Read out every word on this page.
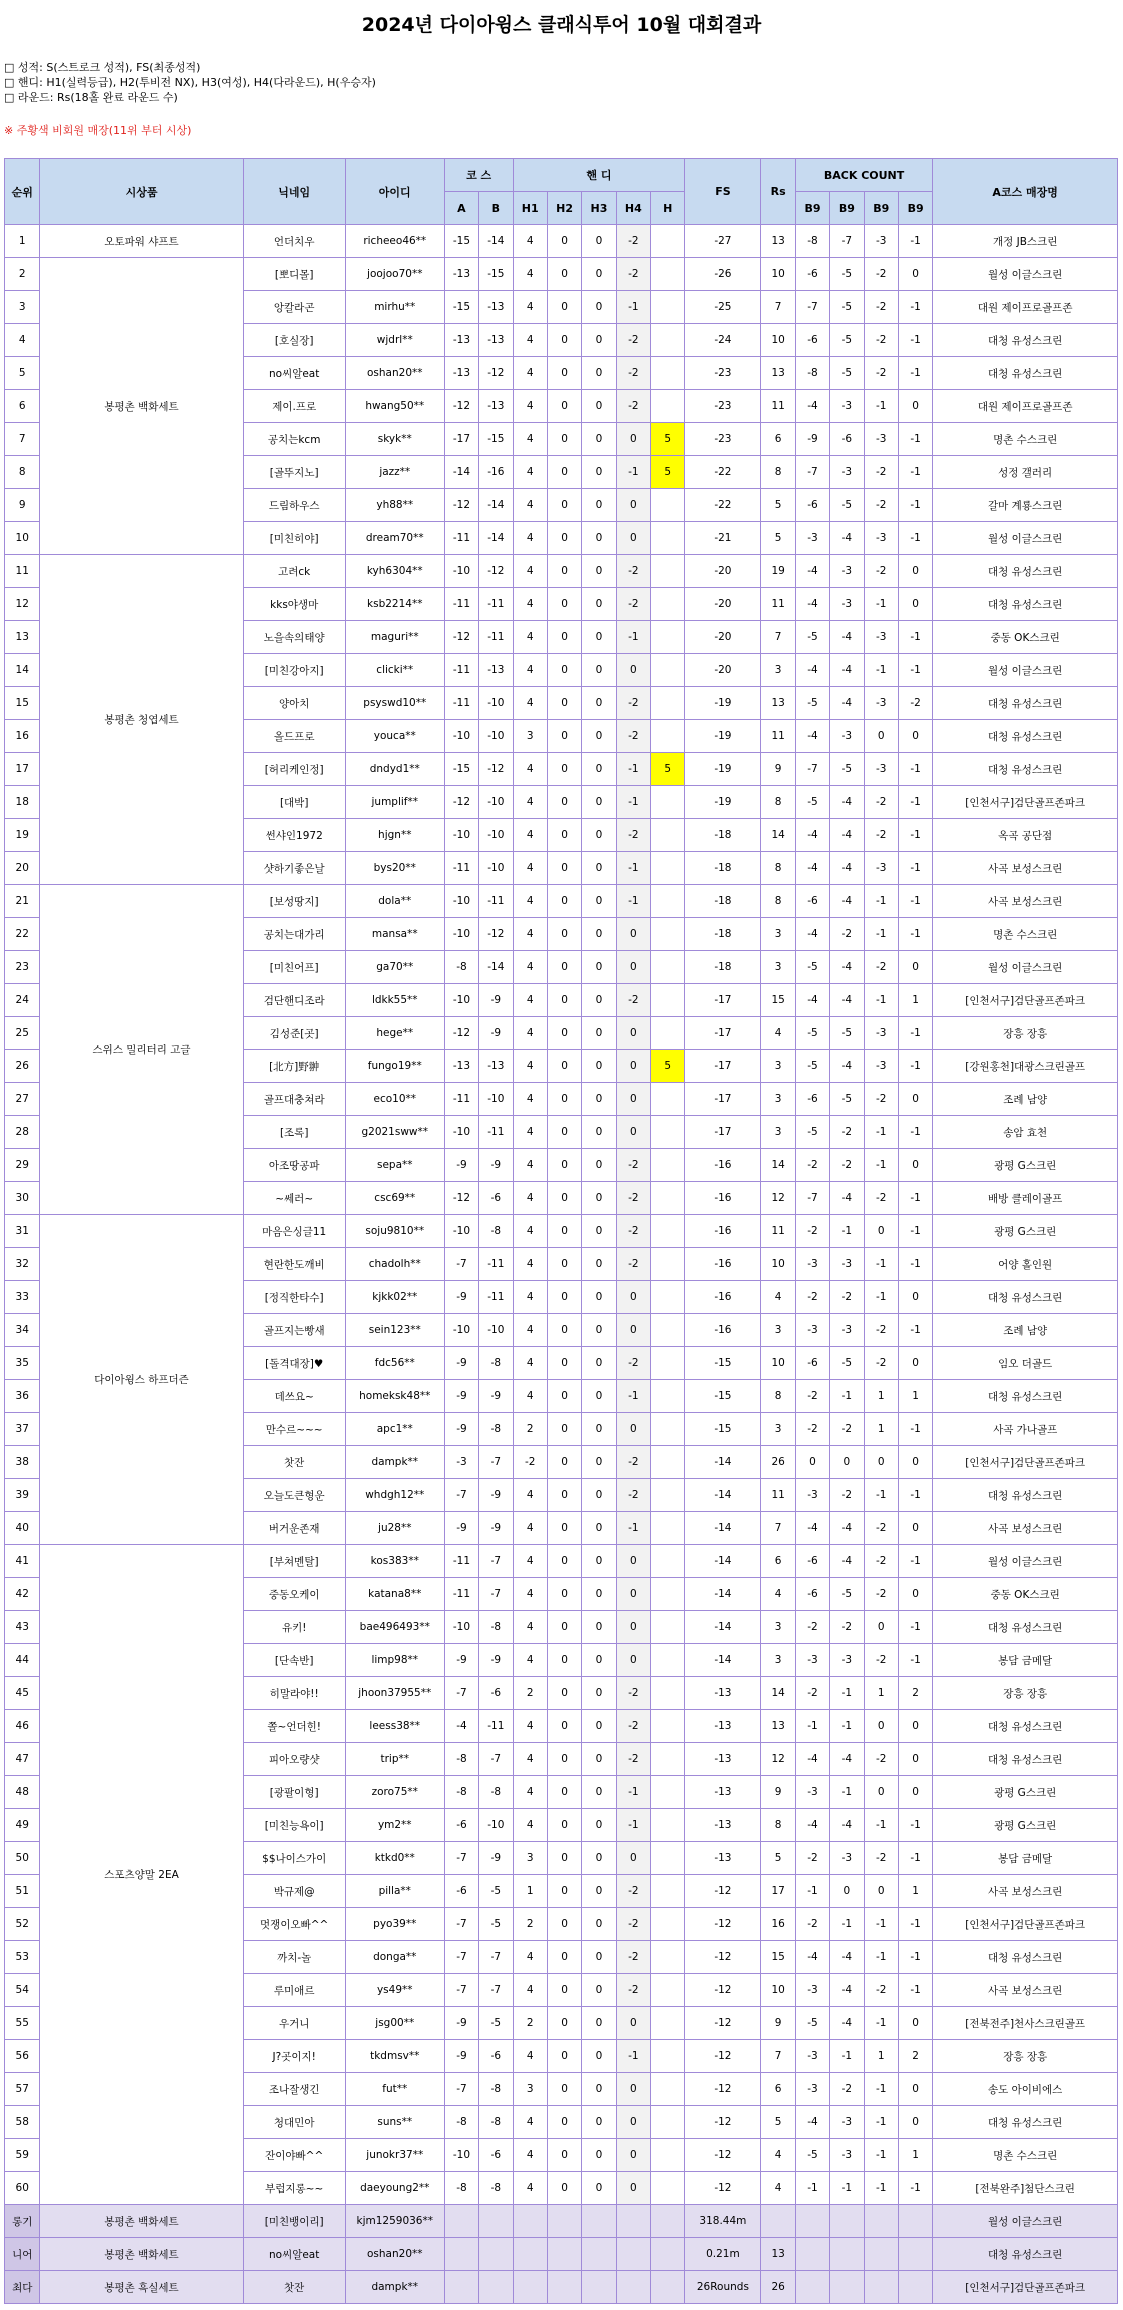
2024년 다이아윙스 클래식투어 10월 대회결과
□ 성적: S(스트로크 성적), FS(최종성적)
□ 핸디: H1(실력등급), H2(투비전 NX), H3(여성), H4(다라운드), H(우승자)
□ 라운드: Rs(18홀 완료 라운드 수)
※ 주황색 비회원 매장(11위 부터 시상)
순위	시상품	닉네임	아이디	코 스		핸 디					FS	Rs	BACK COUNT				A코스 매장명
				A	B	H1	H2	H3	H4	H			B9	B9	B9	B9	
1	오토파워 샤프트	언더치우	richeeo46**	-15	-14	4	0	0	-2		-27	13	-8	-7	-3	-1	개정 JB스크린
2	봉평촌 백화세트	[뽀디몰]	joojoo70**	-13	-15	4	0	0	-2		-26	10	-6	-5	-2	0	월성 이글스크린
3		앙칼라곤	mirhu**	-15	-13	4	0	0	-1		-25	7	-7	-5	-2	-1	대원 제이프로골프존
4		[호실장]	wjdrl**	-13	-13	4	0	0	-2		-24	10	-6	-5	-2	-1	대청 유성스크린
5		no씨알eat	oshan20**	-13	-12	4	0	0	-2		-23	13	-8	-5	-2	-1	대청 유성스크린
6		제이.프로	hwang50**	-12	-13	4	0	0	-2		-23	11	-4	-3	-1	0	대원 제이프로골프존
7		공치는kcm	skyk**	-17	-15	4	0	0	0	5	-23	6	-9	-6	-3	-1	명촌 수스크린
8		[골뚜지노]	jazz**	-14	-16	4	0	0	-1	5	-22	8	-7	-3	-2	-1	성정 갤러리
9		드림하우스	yh88**	-12	-14	4	0	0	0		-22	5	-6	-5	-2	-1	갈마 계룡스크린
10		[미친히야]	dream70**	-11	-14	4	0	0	0		-21	5	-3	-4	-3	-1	월성 이글스크린
11	봉평촌 청엽세트	고려ck	kyh6304**	-10	-12	4	0	0	-2		-20	19	-4	-3	-2	0	대청 유성스크린
12		kks야생마	ksb2214**	-11	-11	4	0	0	-2		-20	11	-4	-3	-1	0	대청 유성스크린
13		노을속의태양	maguri**	-12	-11	4	0	0	-1		-20	7	-5	-4	-3	-1	중동 OK스크린
14		[미친강아지]	clicki**	-11	-13	4	0	0	0		-20	3	-4	-4	-1	-1	월성 이글스크린
15		양아치	psyswd10**	-11	-10	4	0	0	-2		-19	13	-5	-4	-3	-2	대청 유성스크린
16		올드프로	youca**	-10	-10	3	0	0	-2		-19	11	-4	-3	0	0	대청 유성스크린
17		[허리케인정]	dndyd1**	-15	-12	4	0	0	-1	5	-19	9	-7	-5	-3	-1	대청 유성스크린
18		[대박]	jumplif**	-12	-10	4	0	0	-1		-19	8	-5	-4	-2	-1	[인천서구]검단골프존파크
19		썬샤인1972	hjgn**	-10	-10	4	0	0	-2		-18	14	-4	-4	-2	-1	옥곡 공단점
20		샷하기좋은날	bys20**	-11	-10	4	0	0	-1		-18	8	-4	-4	-3	-1	사곡 보성스크린
21	스위스 밀리터리 고글	[보성땅지]	dola**	-10	-11	4	0	0	-1		-18	8	-6	-4	-1	-1	사곡 보성스크린
22		공치는대가리	mansa**	-10	-12	4	0	0	0		-18	3	-4	-2	-1	-1	명촌 수스크린
23		[미친어프]	ga70**	-8	-14	4	0	0	0		-18	3	-5	-4	-2	0	월성 이글스크린
24		검단핸디조라	ldkk55**	-10	-9	4	0	0	-2		-17	15	-4	-4	-1	1	[인천서구]검단골프존파크
25		김성준[곳]	hege**	-12	-9	4	0	0	0		-17	4	-5	-5	-3	-1	장흥 장흥
26		[北方]野翀	fungo19**	-13	-13	4	0	0	0	5	-17	3	-5	-4	-3	-1	[강원홍천]대광스크린골프
27		골프대충쳐라	eco10**	-11	-10	4	0	0	0		-17	3	-6	-5	-2	0	조례 남양
28		[조록]	g2021sww**	-10	-11	4	0	0	0		-17	3	-5	-2	-1	-1	송암 효천
29		아조땅공파	sepa**	-9	-9	4	0	0	-2		-16	14	-2	-2	-1	0	광평 G스크린
30		~쎄러~	csc69**	-12	-6	4	0	0	-2		-16	12	-7	-4	-2	-1	배방 클레이골프
31	다이아윙스 하프더즌	마음은싱글11	soju9810**	-10	-8	4	0	0	-2		-16	11	-2	-1	0	-1	광평 G스크린
32		현란한도깨비	chadolh**	-7	-11	4	0	0	-2		-16	10	-3	-3	-1	-1	어양 홀인원
33		[정직한타수]	kjkk02**	-9	-11	4	0	0	0		-16	4	-2	-2	-1	0	대청 유성스크린
34		골프지는빵새	sein123**	-10	-10	4	0	0	0		-16	3	-3	-3	-2	-1	조례 남양
35		[돌격대장]♥	fdc56**	-9	-8	4	0	0	-2		-15	10	-6	-5	-2	0	임오 더골드
36		데쓰요~	homeksk48**	-9	-9	4	0	0	-1		-15	8	-2	-1	1	1	대청 유성스크린
37		만수르~~~	apc1**	-9	-8	2	0	0	0		-15	3	-2	-2	1	-1	사곡 가나골프
38		찻잔	dampk**	-3	-7	-2	0	0	-2		-14	26	0	0	0	0	[인천서구]검단골프존파크
39		오늘도큰형운	whdgh12**	-7	-9	4	0	0	-2		-14	11	-3	-2	-1	-1	대청 유성스크린
40		버거운존재	ju28**	-9	-9	4	0	0	-1		-14	7	-4	-4	-2	0	사곡 보성스크린
41	스포츠양말 2EA	[부쳐멘탈]	kos383**	-11	-7	4	0	0	0		-14	6	-6	-4	-2	-1	월성 이글스크린
42		중동오케이	katana8**	-11	-7	4	0	0	0		-14	4	-6	-5	-2	0	중동 OK스크린
43		유키!	bae496493**	-10	-8	4	0	0	0		-14	3	-2	-2	0	-1	대청 유성스크린
44		[단속반]	limp98**	-9	-9	4	0	0	0		-14	3	-3	-3	-2	-1	봉담 금메달
45		히말라야!!	jhoon37955**	-7	-6	2	0	0	-2		-13	14	-2	-1	1	2	장흥 장흥
46		쫄~언더힌!	leess38**	-4	-11	4	0	0	-2		-13	13	-1	-1	0	0	대청 유성스크린
47		피아오량샷	trip**	-8	-7	4	0	0	-2		-13	12	-4	-4	-2	0	대청 유성스크린
48		[광팔이형]	zoro75**	-8	-8	4	0	0	-1		-13	9	-3	-1	0	0	광평 G스크린
49		[미친능욕이]	ym2**	-6	-10	4	0	0	-1		-13	8	-4	-4	-1	-1	광평 G스크린
50		$$나이스가이	ktkd0**	-7	-9	3	0	0	0		-13	5	-2	-3	-2	-1	봉담 금메달
51		박규제@	pilla**	-6	-5	1	0	0	-2		-12	17	-1	0	0	1	사곡 보성스크린
52		멋쟁이오빠^^	pyo39**	-7	-5	2	0	0	-2		-12	16	-2	-1	-1	-1	[인천서구]검단골프존파크
53		까치-놀	donga**	-7	-7	4	0	0	-2		-12	15	-4	-4	-1	-1	대청 유성스크린
54		루미애르	ys49**	-7	-7	4	0	0	-2		-12	10	-3	-4	-2	-1	사곡 보성스크린
55		우거니	jsg00**	-9	-5	2	0	0	0		-12	9	-5	-4	-1	0	[전북전주]천사스크린골프
56		J?곳이지!	tkdmsv**	-9	-6	4	0	0	-1		-12	7	-3	-1	1	2	장흥 장흥
57		조나잘생긴	fut**	-7	-8	3	0	0	0		-12	6	-3	-2	-1	0	송도 아이비에스
58		청대민아	suns**	-8	-8	4	0	0	0		-12	5	-4	-3	-1	0	대청 유성스크린
59		잔이야빠^^	junokr37**	-10	-6	4	0	0	0		-12	4	-5	-3	-1	1	명촌 수스크린
60		부럽지롱~~	daeyoung2**	-8	-8	4	0	0	0		-12	4	-1	-1	-1	-1	[전북완주]첨단스크린
롱기	봉평촌 백화세트	[미친뱅이리]	kjm1259036**								318.44m						월성 이글스크린
니어	봉평촌 백화세트	no씨알eat	oshan20**								0.21m	13					대청 유성스크린
최다	봉평촌 흑실세트	찻잔	dampk**								26Rounds	26					[인천서구]검단골프존파크
